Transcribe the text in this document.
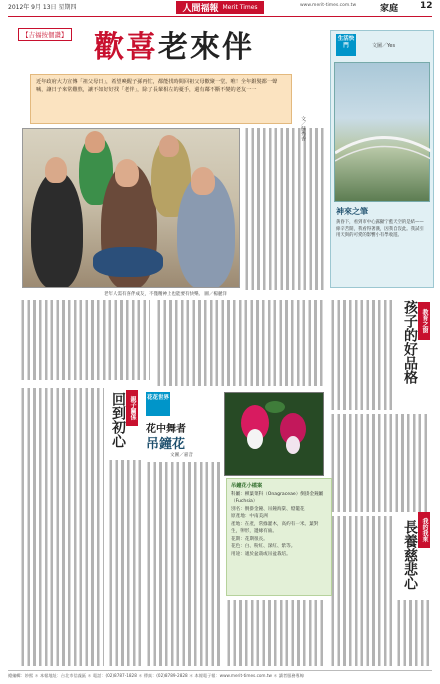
2012年 9月 13日 星期四	人間福報 Merit Times	www.merit-times.com.tw	家庭 12
【吉福按個讚】 歡喜老來伴
近年政府大力宣傳「祖父母日」，希望喚醒子孫再忙，都能找時間回祖父母歡聚一堂。唯！全年銀髮都一聲喊，讓日子來常難熬，讓不如好好找「老伴」，除了長輩相左的憂手，還有鄰不斷不變的老友一一
老年人需有喜伴成友，不僅精神上也能要有快樂。 圖／楊麗洋
文／蘇秀香
生活快門	文圖／Yes
神來之筆
黃昏下，看到市中心露顯宁藍天空的是結——條辛苦開，我看得著漢，因我自沒此。我試引用天與的可愛的影響小有學收遊。
教育之窗
孩子的好品格
我的我來
長養慈悲心
親子關係
回到初心	花花世界
花中舞者
吊鐘花
文圖／嘉音
吊鐘花小檔案
科屬：柳葉菜科（Onagraceae）倒掛金鐘屬（Fuchsia）
別名：倒掛金鐘、吊鐘海棠、燈籠花
原產地：中南美洲
產地：在產，常綠灌木，高約有一米。葉對生，卵形，邊緣有齒。
花期：花期很長。
花色：白、粉紅、深紅、紫等。
用途：適於盆栽或吊盆栽培。
總編輯：妙熙 ＊ 本報地址：台北市信義區 ＊ 電話：(02)8787-1828 ＊ 傳真：(02)8789-2828 ＊ 本報電子報：www.merit-times.com.tw ＊ 讀者服務專線
